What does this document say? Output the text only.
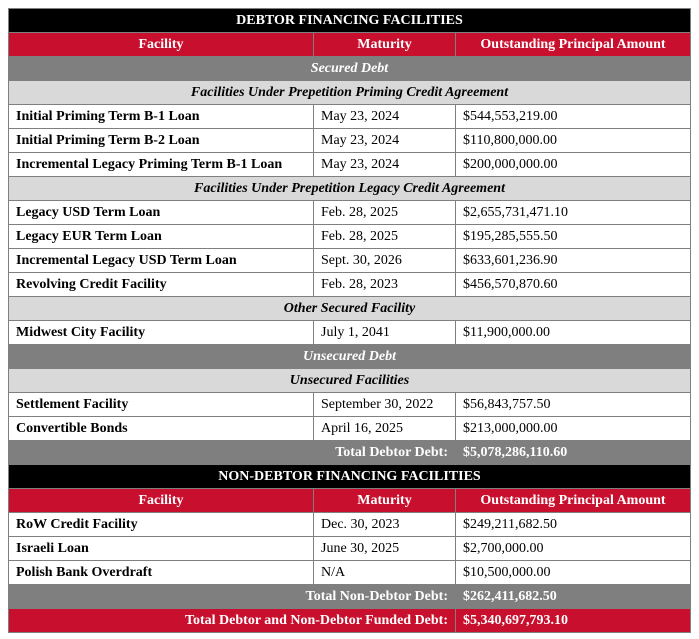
DEBTOR FINANCING FACILITIES		
Facility	Maturity	Outstanding Principal Amount
Secured Debt		
Facilities Under Prepetition Priming Credit Agreement		
Initial Priming Term B-1 Loan	May 23, 2024	$544,553,219.00
Initial Priming Term B-2 Loan	May 23, 2024	$110,800,000.00
Incremental Legacy Priming Term B-1 Loan	May 23, 2024	$200,000,000.00
Facilities Under Prepetition Legacy Credit Agreement		
Legacy USD Term Loan	Feb. 28, 2025	$2,655,731,471.10
Legacy EUR Term Loan	Feb. 28, 2025	$195,285,555.50
Incremental Legacy USD Term Loan	Sept. 30, 2026	$633,601,236.90
Revolving Credit Facility	Feb. 28, 2023	$456,570,870.60
Other Secured Facility		
Midwest City Facility	July 1, 2041	$11,900,000.00
Unsecured Debt		
Unsecured Facilities		
Settlement Facility	September 30, 2022	$56,843,757.50
Convertible Bonds	April 16, 2025	$213,000,000.00
Total Debtor Debt:		$5,078,286,110.60
NON-DEBTOR FINANCING FACILITIES		
Facility	Maturity	Outstanding Principal Amount
RoW Credit Facility	Dec. 30, 2023	$249,211,682.50
Israeli Loan	June 30, 2025	$2,700,000.00
Polish Bank Overdraft	N/A	$10,500,000.00
Total Non-Debtor Debt:		$262,411,682.50
Total Debtor and Non-Debtor Funded Debt:		$5,340,697,793.10
